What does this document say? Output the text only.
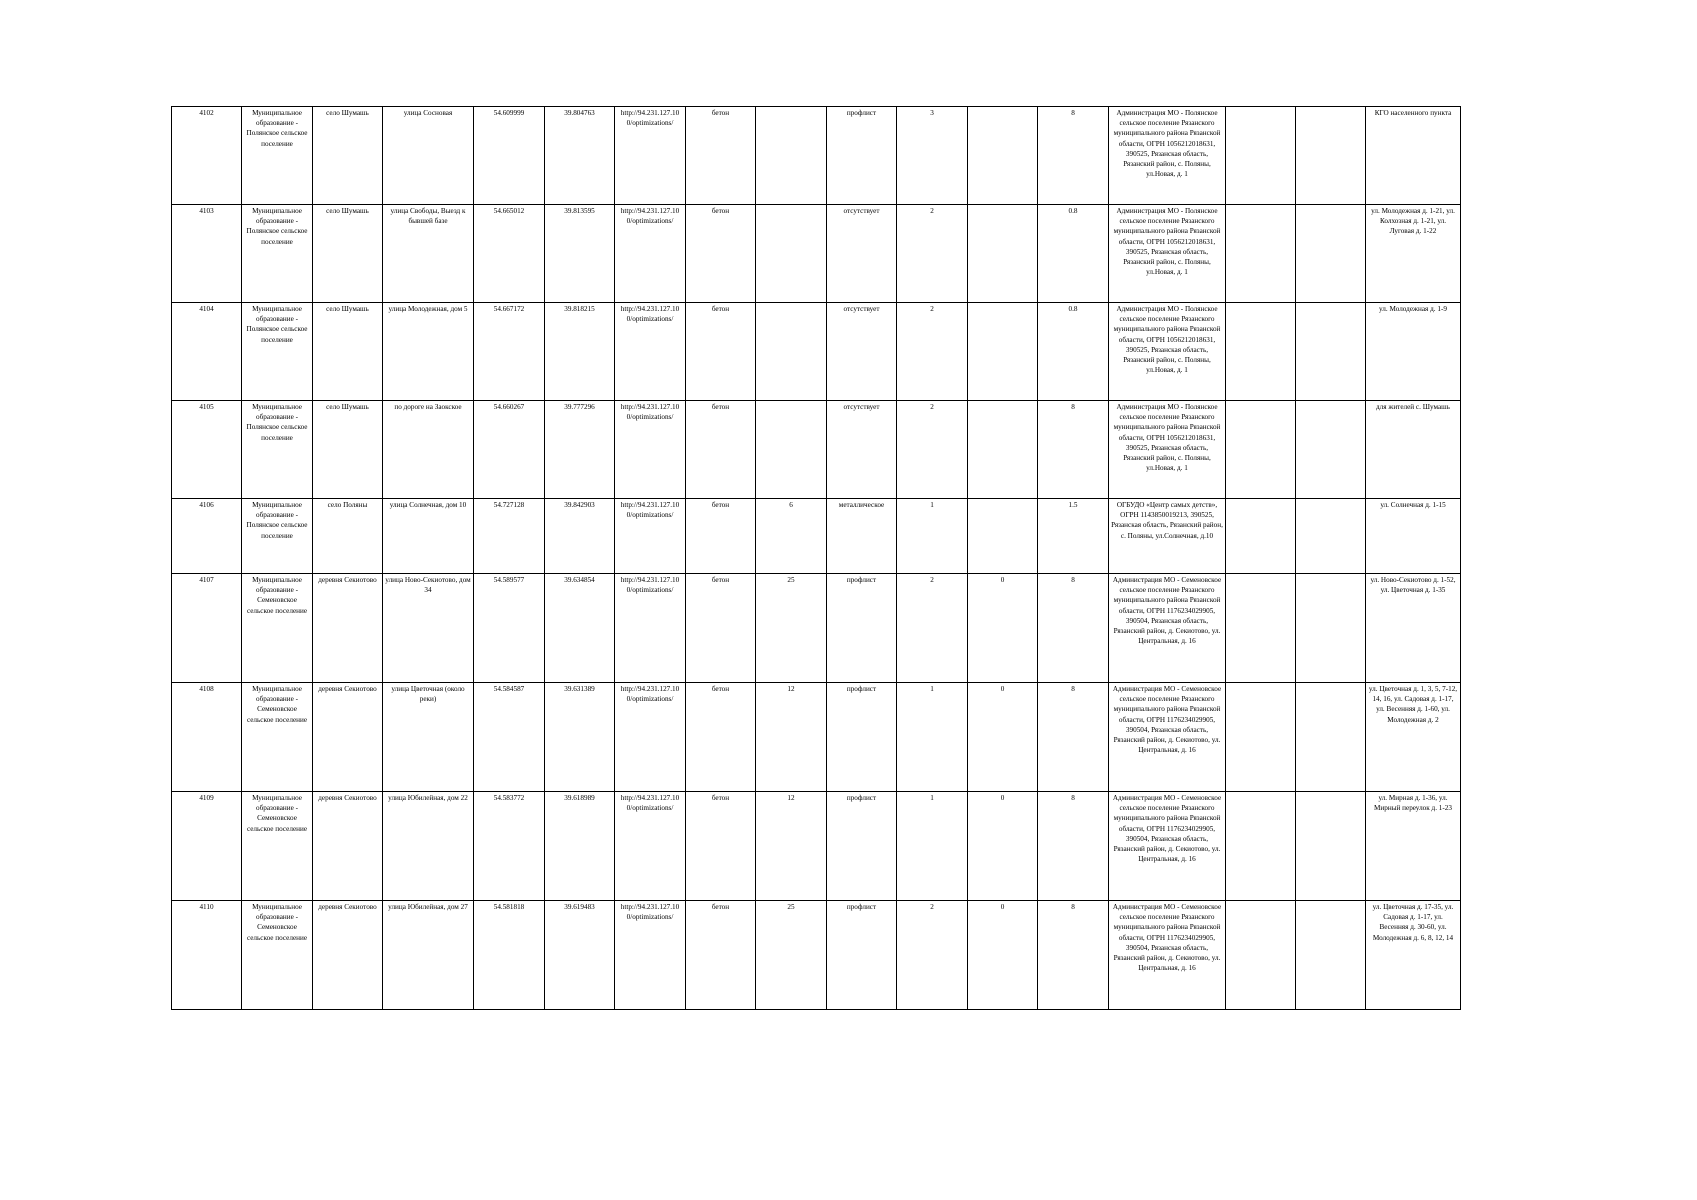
4102	Муниципальное образование - Полянское сельское поселение	село Шумашь	улица Сосновая	54.609999	39.804763	http://94.231.127.10 0/optimizations/	бетон		профлист	3		8	Администрация МО - Полянское сельское поселение Рязанского муниципального района Рязанской области, ОГРН 1056212018631, 390525, Рязанская область, Рязанский район, с. Поляны, ул.Новая, д. 1			КГО населенного пункта
4103	Муниципальное образование - Полянское сельское поселение	село Шумашь	улица Свободы, Выезд к бывшей базе	54.665012	39.813595	http://94.231.127.10 0/optimizations/	бетон		отсутствует	2		0.8	Администрация МО - Полянское сельское поселение Рязанского муниципального района Рязанской области, ОГРН 1056212018631, 390525, Рязанская область, Рязанский район, с. Поляны, ул.Новая, д. 1			ул. Молодежная д. 1-21, ул. Колхозная д. 1-21, ул. Луговая д. 1-22
4104	Муниципальное образование - Полянское сельское поселение	село Шумашь	улица Молодежная, дом 5	54.667172	39.818215	http://94.231.127.10 0/optimizations/	бетон		отсутствует	2		0.8	Администрация МО - Полянское сельское поселение Рязанского муниципального района Рязанской области, ОГРН 1056212018631, 390525, Рязанская область, Рязанский район, с. Поляны, ул.Новая, д. 1			ул. Молодежная д. 1-9
4105	Муниципальное образование - Полянское сельское поселение	село Шумашь	по дороге на Заокское	54.660267	39.777296	http://94.231.127.10 0/optimizations/	бетон		отсутствует	2		8	Администрация МО - Полянское сельское поселение Рязанского муниципального района Рязанской области, ОГРН 1056212018631, 390525, Рязанская область, Рязанский район, с. Поляны, ул.Новая, д. 1			для жителей с. Шумашь
4106	Муниципальное образование - Полянское сельское поселение	село Поляны	улица Солнечная, дом 10	54.727128	39.842903	http://94.231.127.10 0/optimizations/	бетон	6	металлическое	1		1.5	ОГБУДО «Центр самых детств», ОГРН 1143850019213, 390525, Рязанская область, Рязанский район, с. Поляны, ул.Солнечная, д.10			ул. Солнечная д. 1-15
4107	Муниципальное образование - Семеновское сельское поселение	деревня Секиотово	улица Ново-Секиотово, дом 34	54.589577	39.634854	http://94.231.127.10 0/optimizations/	бетон	25	профлист	2	0	8	Администрация МО - Семеновское сельское поселение Рязанского муниципального района Рязанской области, ОГРН 1176234029905, 390504, Рязанская область, Рязанский район, д. Секиотово, ул. Центральная, д. 16			ул. Ново-Секиотово д. 1-52, ул. Цветочная д. 1-35
4108	Муниципальное образование - Семеновское сельское поселение	деревня Секиотово	улица Цветочная (около реки)	54.584587	39.631389	http://94.231.127.10 0/optimizations/	бетон	12	профлист	1	0	8	Администрация МО - Семеновское сельское поселение Рязанского муниципального района Рязанской области, ОГРН 1176234029905, 390504, Рязанская область, Рязанский район, д. Секиотово, ул. Центральная, д. 16			ул. Цветочная д. 1, 3, 5, 7-12, 14, 16, ул. Садовая д. 1-17, ул. Весенняя д. 1-60, ул. Молодежная д. 2
4109	Муниципальное образование - Семеновское сельское поселение	деревня Секиотово	улица Юбилейная, дом 22	54.583772	39.618989	http://94.231.127.10 0/optimizations/	бетон	12	профлист	1	0	8	Администрация МО - Семеновское сельское поселение Рязанского муниципального района Рязанской области, ОГРН 1176234029905, 390504, Рязанская область, Рязанский район, д. Секиотово, ул. Центральная, д. 16			ул. Мирная д. 1-36, ул. Мирный переулок д. 1-23
4110	Муниципальное образование - Семеновское сельское поселение	деревня Секиотово	улица Юбилейная, дом 27	54.581818	39.619483	http://94.231.127.10 0/optimizations/	бетон	25	профлист	2	0	8	Администрация МО - Семеновское сельское поселение Рязанского муниципального района Рязанской области, ОГРН 1176234029905, 390504, Рязанская область, Рязанский район, д. Секиотово, ул. Центральная, д. 16			ул. Цветочная д. 17-35, ул. Садовая д. 1-17, ул. Весенняя д. 30-60, ул. Молодежная д. 6, 8, 12, 14
